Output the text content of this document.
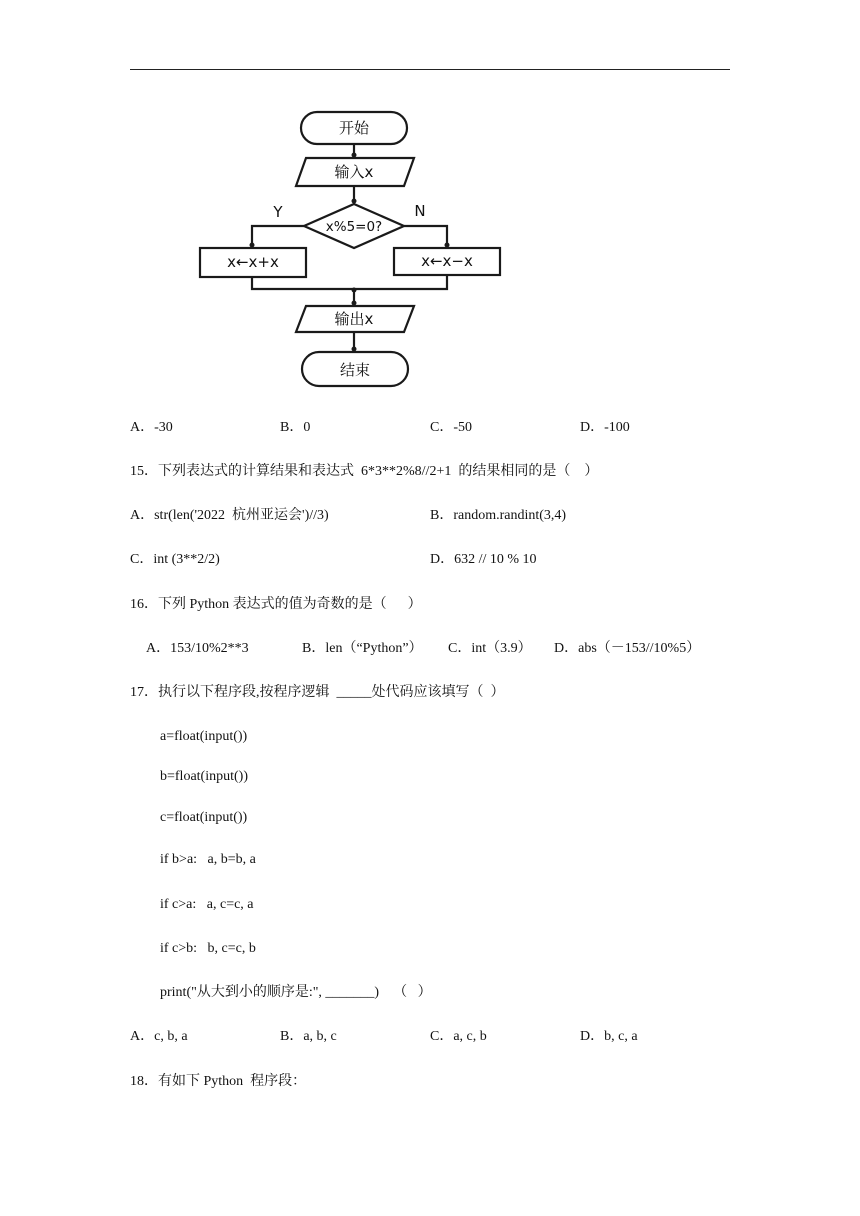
开始
输入x
x%5=0?
Y	N
x←x+x	x←x−x
输出x
结束
A．-30	B．0	C．-50	D．-100
15．下列表达式的计算结果和表达式  6*3**2%8//2+1  的结果相同的是（    ）
A．str(len('2022  杭州亚运会')//3)	B．random.randint(3,4)
C．int (3**2/2)	D．632 // 10 % 10
16．下列 Python 表达式的值为奇数的是（      ）
A．153/10%2**3	B．len（“Python”） C．int（3.9） D．abs（－153//10%5）
17．执行以下程序段,按程序逻辑  _____处代码应该填写（  ）
a=float(input())
b=float(input())
c=float(input())
if b>a:   a, b=b, a
if c>a:   a, c=c, a
if c>b:   b, c=c, b
print("从大到小的顺序是:", _______)    （   ）
A．c, b, a	B．a, b, c	C．a, c, b	D．b, c, a
18．有如下 Python  程序段：
